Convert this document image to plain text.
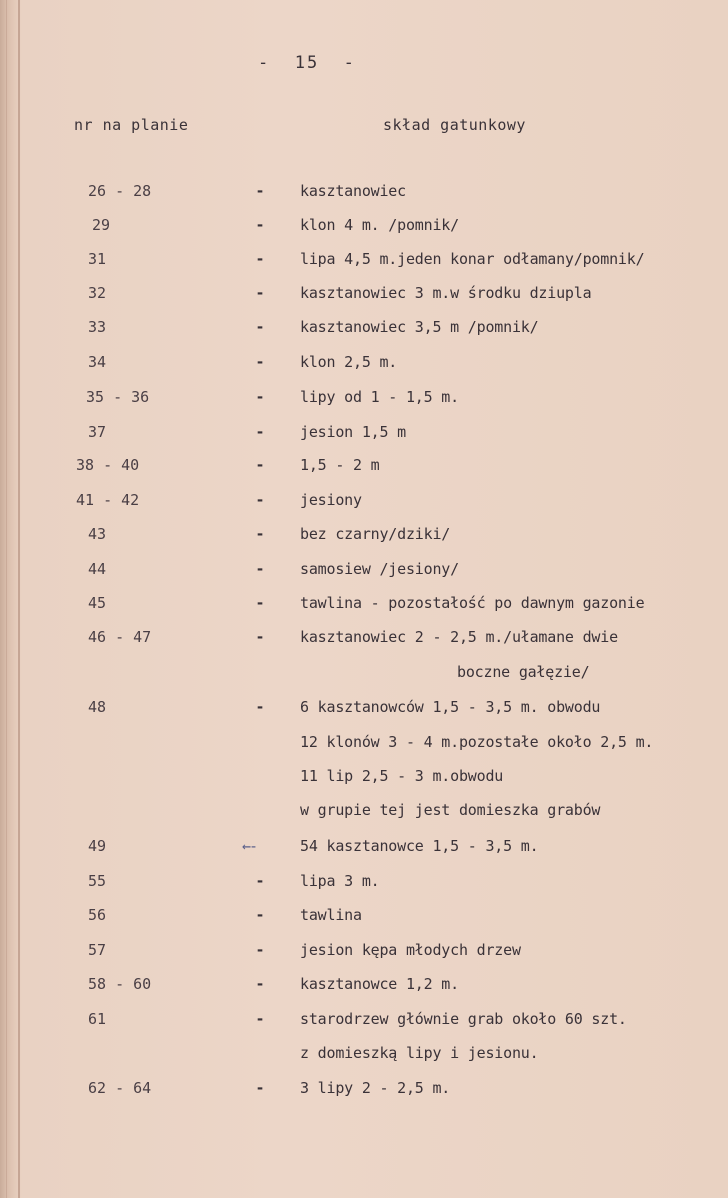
-  15  -
nr na planie	skład gatunkowy
26 - 28	-	kasztanowiec
29	-	klon 4 m. /pomnik/
31	-	lipa 4,5 m.jeden konar odłamany/pomnik/
32	-	kasztanowiec 3 m.w środku dziupla
33	-	kasztanowiec 3,5 m /pomnik/
34	-	klon 2,5 m.
35 - 36	-	lipy od 1 - 1,5 m.
37	-	jesion 1,5 m
38 - 40	-	1,5 - 2 m
41 - 42	-	jesiony
43	-	bez czarny/dziki/
44	-	samosiew /jesiony/
45	-	tawlina - pozostałość po dawnym gazonie
46 - 47	-	kasztanowiec 2 - 2,5 m./ułamane dwie
boczne gałęzie/
48	-	6 kasztanowców 1,5 - 3,5 m. obwodu
12 klonów 3 - 4 m.pozostałe około 2,5 m.
11 lip 2,5 - 3 m.obwodu
w grupie tej jest domieszka grabów
49	←-	54 kasztanowce 1,5 - 3,5 m.
55	-	lipa 3 m.
56	-	tawlina
57	-	jesion kępa młodych drzew
58 - 60	-	kasztanowce 1,2 m.
61	-	starodrzew głównie grab około 60 szt.
z domieszką lipy i jesionu.
62 - 64	-	3 lipy 2 - 2,5 m.
